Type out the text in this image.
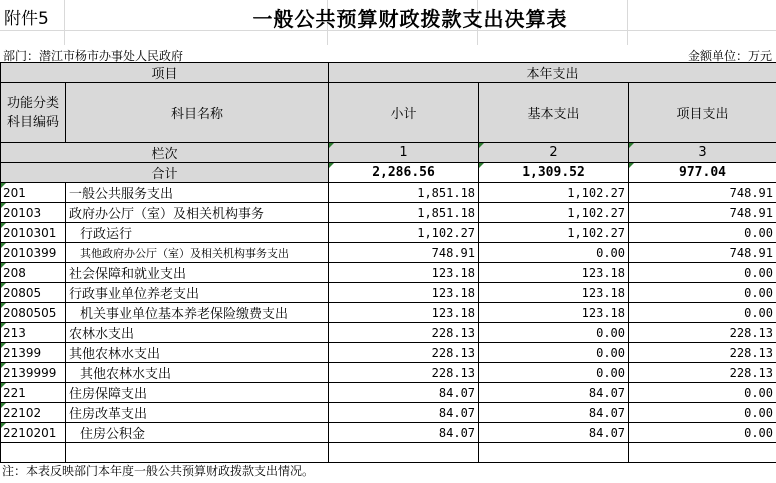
附件5	一般公共预算财政拨款支出决算表
部门：潜江市杨市办事处人民政府	金额单位：万元
项目		本年支出		
功能分类科目编码	科目名称	小计	基本支出	项目支出
栏次		1	2	3
合计		2,286.56	1,309.52	977.04
201	一般公共服务支出	1,851.18	1,102.27	748.91
20103	政府办公厅（室）及相关机构事务	1,851.18	1,102.27	748.91
2010301	行政运行	1,102.27	1,102.27	0.00
2010399	其他政府办公厅（室）及相关机构事务支出	748.91	0.00	748.91
208	社会保障和就业支出	123.18	123.18	0.00
20805	行政事业单位养老支出	123.18	123.18	0.00
2080505	机关事业单位基本养老保险缴费支出	123.18	123.18	0.00
213	农林水支出	228.13	0.00	228.13
21399	其他农林水支出	228.13	0.00	228.13
2139999	其他农林水支出	228.13	0.00	228.13
221	住房保障支出	84.07	84.07	0.00
22102	住房改革支出	84.07	84.07	0.00
2210201	住房公积金	84.07	84.07	0.00

注：本表反映部门本年度一般公共预算财政拨款支出情况。
